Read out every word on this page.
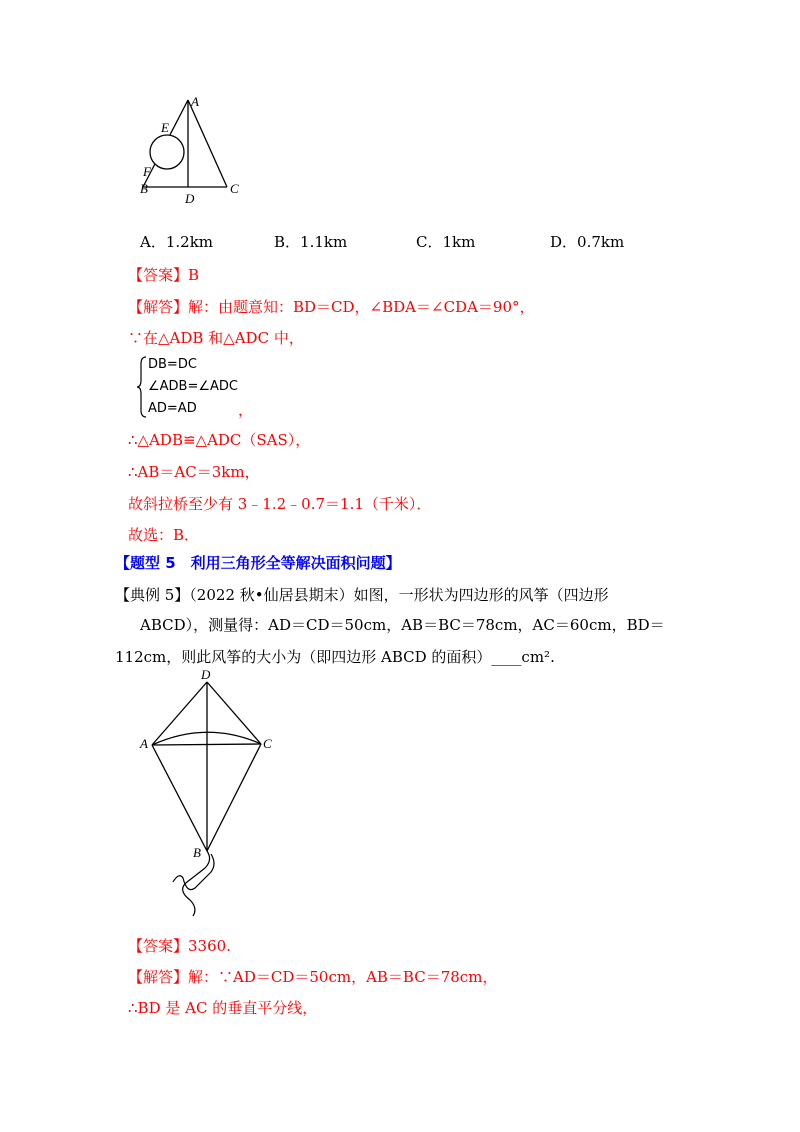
A
E
F
B
D
C
A．1.2km	B．1.1km	C．1km	D．0.7km
【答案】B
【解答】解：由题意知：BD＝CD，∠BDA＝∠CDA＝90°，
∵在△ADB 和△ADC 中，
DB=DC
∠ADB=∠ADC
AD=AD	，
∴△ADB≌△ADC（SAS），
∴AB＝AC＝3km，
故斜拉桥至少有 3﹣1.2﹣0.7＝1.1（千米）．
故选：B．
【题型 5　利用三角形全等解决面积问题】
【典例 5】（2022 秋•仙居县期末）如图，一形状为四边形的风筝（四边形
ABCD），测量得：AD＝CD＝50cm，AB＝BC＝78cm，AC＝60cm，BD＝
112cm，则此风筝的大小为（即四边形 ABCD 的面积）____cm².
D
A	C
B
【答案】3360.
【解答】解：∵AD＝CD＝50cm，AB＝BC＝78cm，
∴BD 是 AC 的垂直平分线，
